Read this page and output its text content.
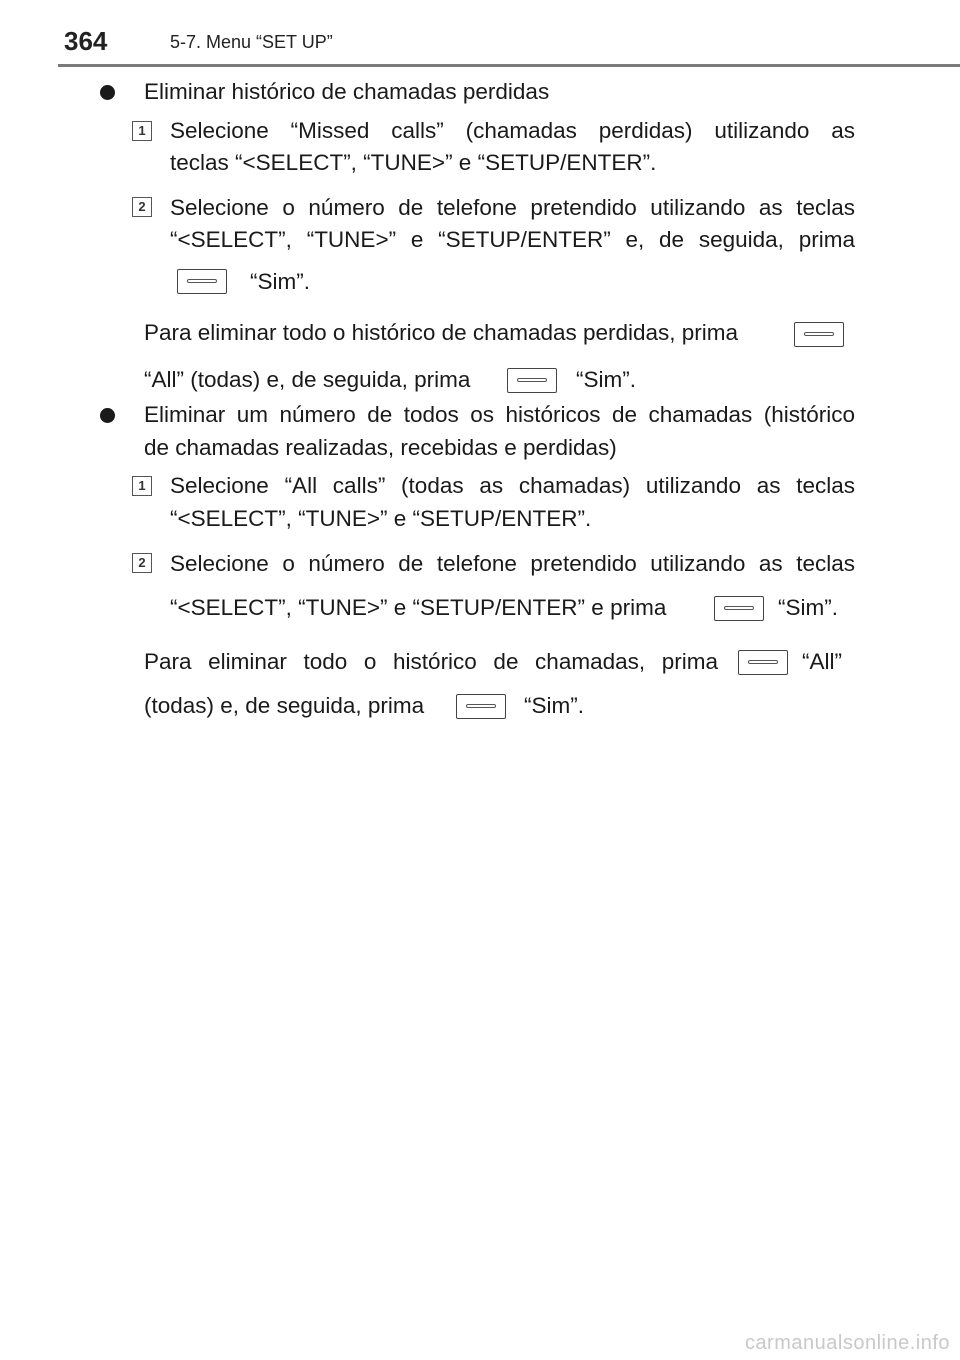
364	5-7. Menu “SET UP”
Eliminar histórico de chamadas perdidas
1 Selecione “Missed calls” (chamadas perdidas) utilizando as
teclas “<SELECT”, “TUNE>” e “SETUP/ENTER”.
2 Selecione o número de telefone pretendido utilizando as teclas
“<SELECT”, “TUNE>” e “SETUP/ENTER” e, de seguida, prima
“Sim”.
Para eliminar todo o histórico de chamadas perdidas, prima
“All” (todas) e, de seguida, prima	“Sim”.
Eliminar um número de todos os históricos de chamadas (histórico
de chamadas realizadas, recebidas e perdidas)
1 Selecione “All calls” (todas as chamadas) utilizando as teclas
“<SELECT”, “TUNE>” e “SETUP/ENTER”.
2 Selecione o número de telefone pretendido utilizando as teclas
“<SELECT”, “TUNE>” e “SETUP/ENTER” e prima	“Sim”.
Para eliminar todo o histórico de chamadas, prima	“All”
(todas) e, de seguida, prima	“Sim”.
carmanualsonline.info
